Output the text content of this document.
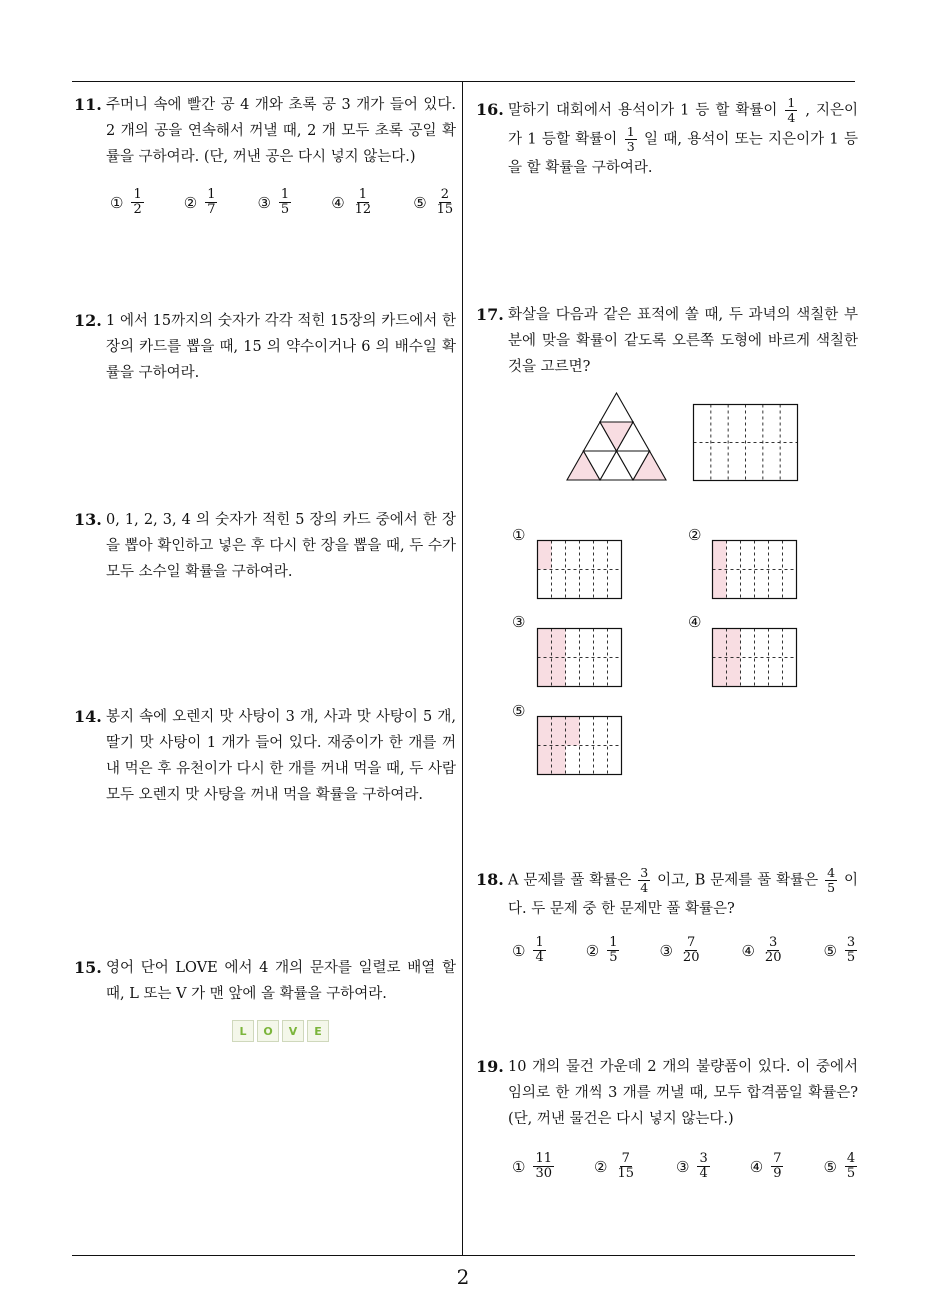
2
11. 주머니 속에 빨간 공 4 개와 초록 공 3 개가 들어 있다. 2 개의 공을 연속해서 꺼낼 때, 2 개 모두 초록 공일 확률을 구하여라. (단, 꺼낸 공은 다시 넣지 않는다.)
① $\frac{1}{2}$	② $\frac{1}{7}$	③ $\frac{1}{5}$	④ $\frac{1}{12}$	⑤ $\frac{2}{15}$
12. 1 에서 15까지의 숫자가 각각 적힌 15장의 카드에서 한 장의 카드를 뽑을 때, 15 의 약수이거나 6 의 배수일 확률을 구하여라.
13. 0, 1, 2, 3, 4 의 숫자가 적힌 5 장의 카드 중에서 한 장을 뽑아 확인하고 넣은 후 다시 한 장을 뽑을 때, 두 수가 모두 소수일 확률을 구하여라.
14. 봉지 속에 오렌지 맛 사탕이 3 개, 사과 맛 사탕이 5 개, 딸기 맛 사탕이 1 개가 들어 있다. 재중이가 한 개를 꺼내 먹은 후 유천이가 다시 한 개를 꺼내 먹을 때, 두 사람 모두 오렌지 맛 사탕을 꺼내 먹을 확률을 구하여라.
15. 영어 단어 LOVE 에서 4 개의 문자를 일렬로 배열 할 때, L 또는 V 가 맨 앞에 올 확률을 구하여라.
L	O	V	E
16. 말하기 대회에서 용석이가 1 등 할 확률이 $\frac{1}{4}$ , 지은이가 1 등할 확률이 $\frac{1}{3}$ 일 때, 용석이 또는 지은이가 1 등을 할 확률을 구하여라.
17. 화살을 다음과 같은 표적에 쏠 때, 두 과녁의 색칠한 부분에 맞을 확률이 같도록 오른쪽 도형에 바르게 색칠한 것을 고르면?
①	②
③	④
⑤
18. A 문제를 풀 확률은 $\frac{3}{4}$ 이고, B 문제를 풀 확률은 $\frac{4}{5}$ 이다. 두 문제 중 한 문제만 풀 확률은?
① $\frac{1}{4}$	② $\frac{1}{5}$	③ $\frac{7}{20}$	④ $\frac{3}{20}$	⑤ $\frac{3}{5}$
19. 10 개의 물건 가운데 2 개의 불량품이 있다. 이 중에서 임의로 한 개씩 3 개를 꺼낼 때, 모두 합격품일 확률은? (단, 꺼낸 물건은 다시 넣지 않는다.)
① $\frac{11}{30}$	② $\frac{7}{15}$	③ $\frac{3}{4}$	④ $\frac{7}{9}$	⑤ $\frac{4}{5}$
